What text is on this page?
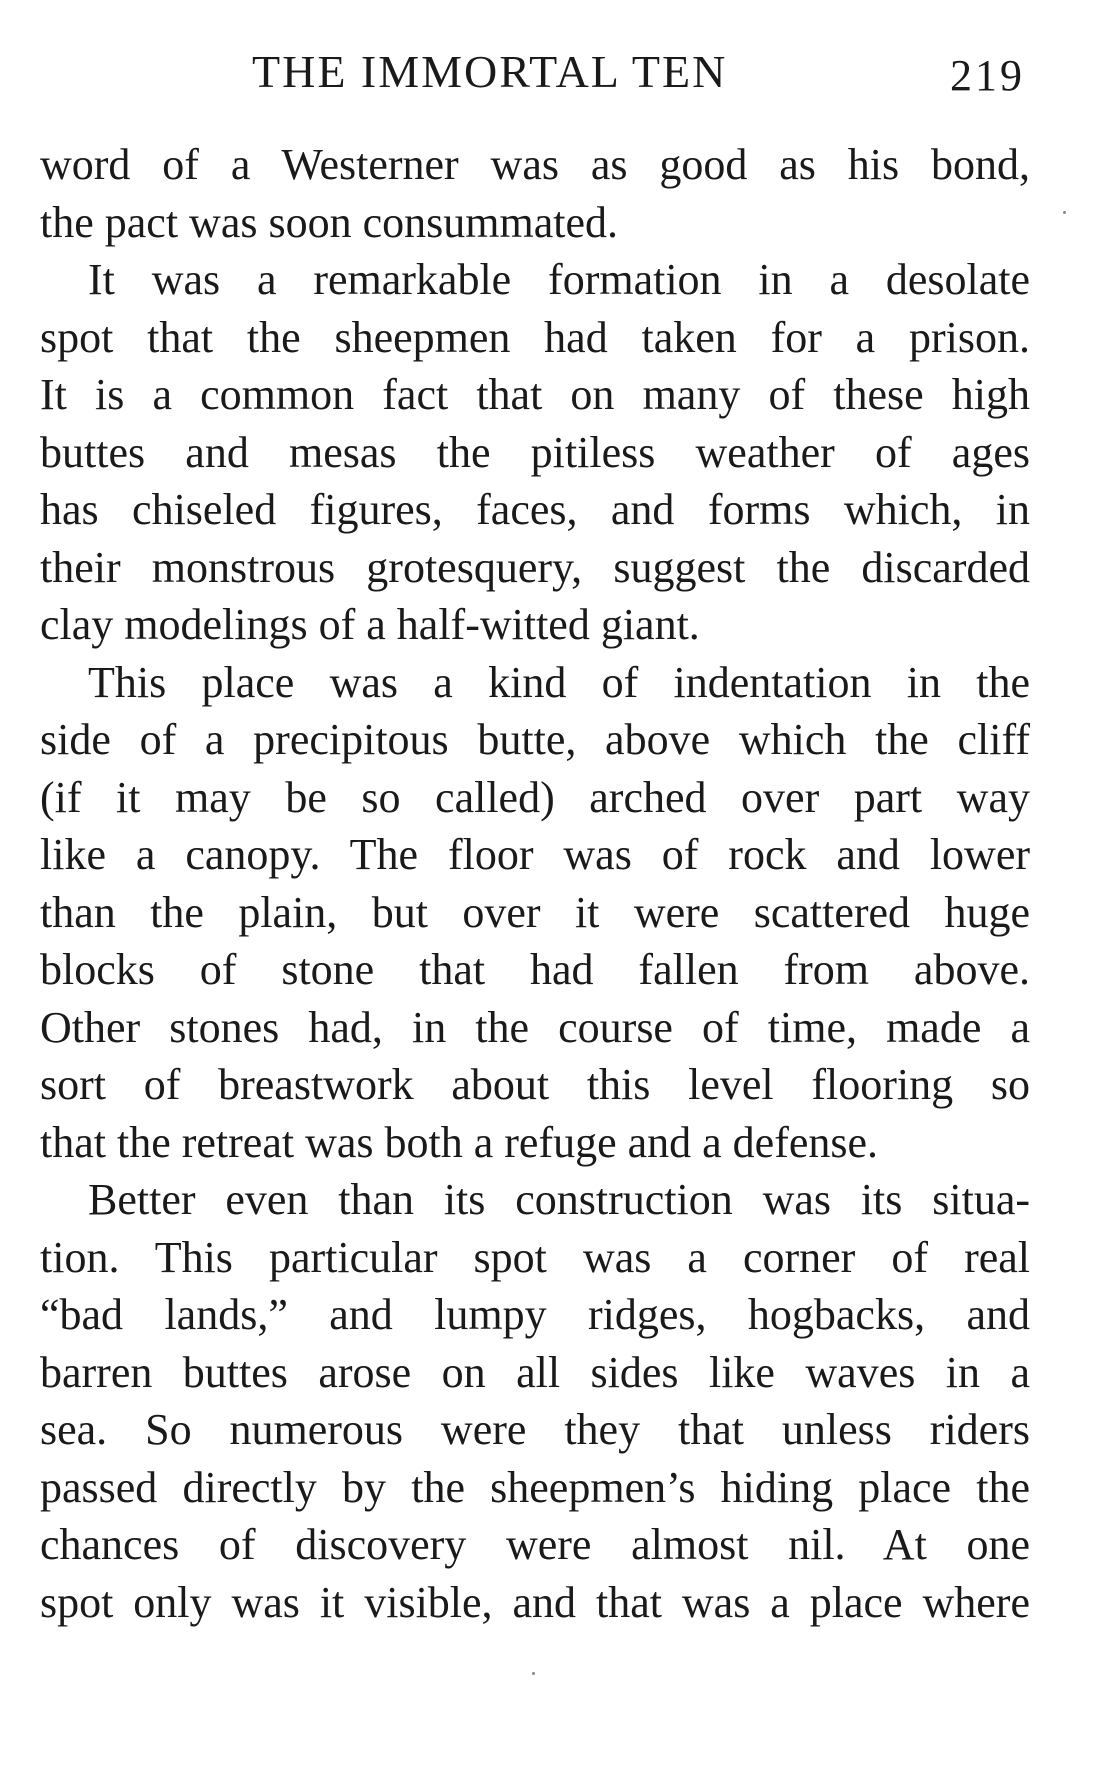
THE IMMORTAL TEN	219
word of a Westerner was as good as his bond,
the pact was soon consummated.
It was a remarkable formation in a desolate
spot that the sheepmen had taken for a prison.
It is a common fact that on many of these high
buttes and mesas the pitiless weather of ages
has chiseled figures, faces, and forms which, in
their monstrous grotesquery, suggest the discarded
clay modelings of a half-witted giant.
This place was a kind of indentation in the
side of a precipitous butte, above which the cliff
(if it may be so called) arched over part way
like a canopy. The floor was of rock and lower
than the plain, but over it were scattered huge
blocks of stone that had fallen from above.
Other stones had, in the course of time, made a
sort of breastwork about this level flooring so
that the retreat was both a refuge and a defense.
Better even than its construction was its situa-
tion. This particular spot was a corner of real
“bad lands,” and lumpy ridges, hogbacks, and
barren buttes arose on all sides like waves in a
sea. So numerous were they that unless riders
passed directly by the sheepmen’s hiding place the
chances of discovery were almost nil. At one
spot only was it visible, and that was a place where
